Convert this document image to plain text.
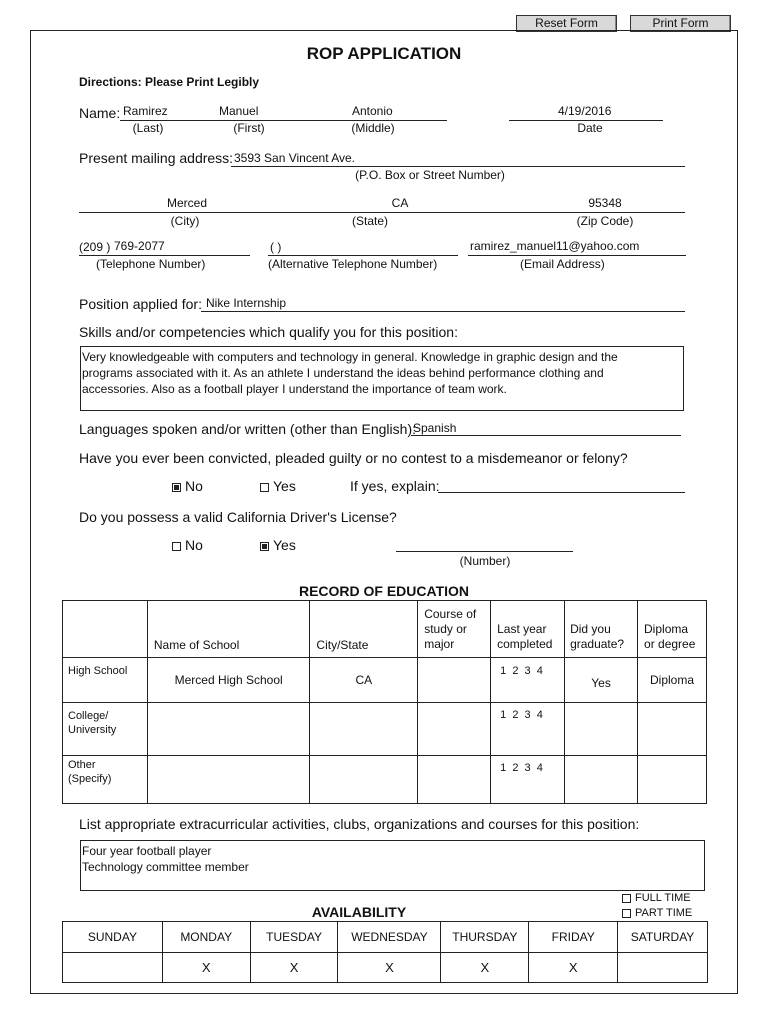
Reset Form	Print Form
ROP APPLICATION
Directions: Please Print Legibly
Name: Ramirez	Manuel	Antonio	4/19/2016
(Last)	(First)	(Middle)	Date
Present mailing address: 3593 San Vincent Ave.
(P.O. Box or Street Number)
Merced	CA	95348
(City)	(State)	(Zip Code)
(209 ) 769-2077	( )	ramirez_manuel11@yahoo.com
(Telephone Number)	(Alternative Telephone Number)	(Email Address)
Position applied for: Nike Internship
Skills and/or competencies which qualify you for this position:
Very knowledgeable with computers and technology in general. Knowledge in graphic design and the
programs associated with it. As an athlete I understand the ideas behind performance clothing and
accessories. Also as a football player I understand the importance of team work.
Languages spoken and/or written (other than English):
Spanish
Have you ever been convicted, pleaded guilty or no contest to a misdemeanor or felony?
No	Yes	If yes, explain:
Do you possess a valid California Driver's License?
No	Yes
(Number)
RECORD OF EDUCATION
	Name of School	City/State	Course of study or major	Last year completed	Did you graduate?	Diploma or degree
High School	Merced High School	CA		1  2  3  4	Yes	Diploma
College/ University				1  2  3  4		
Other (Specify)				1  2  3  4		
List appropriate extracurricular activities, clubs, organizations and courses for this position:
Four year football player
Technology committee member
FULL TIME
PART TIME
AVAILABILITY
SUNDAY	MONDAY	TUESDAY	WEDNESDAY	THURSDAY	FRIDAY	SATURDAY
	X	X	X	X	X	
